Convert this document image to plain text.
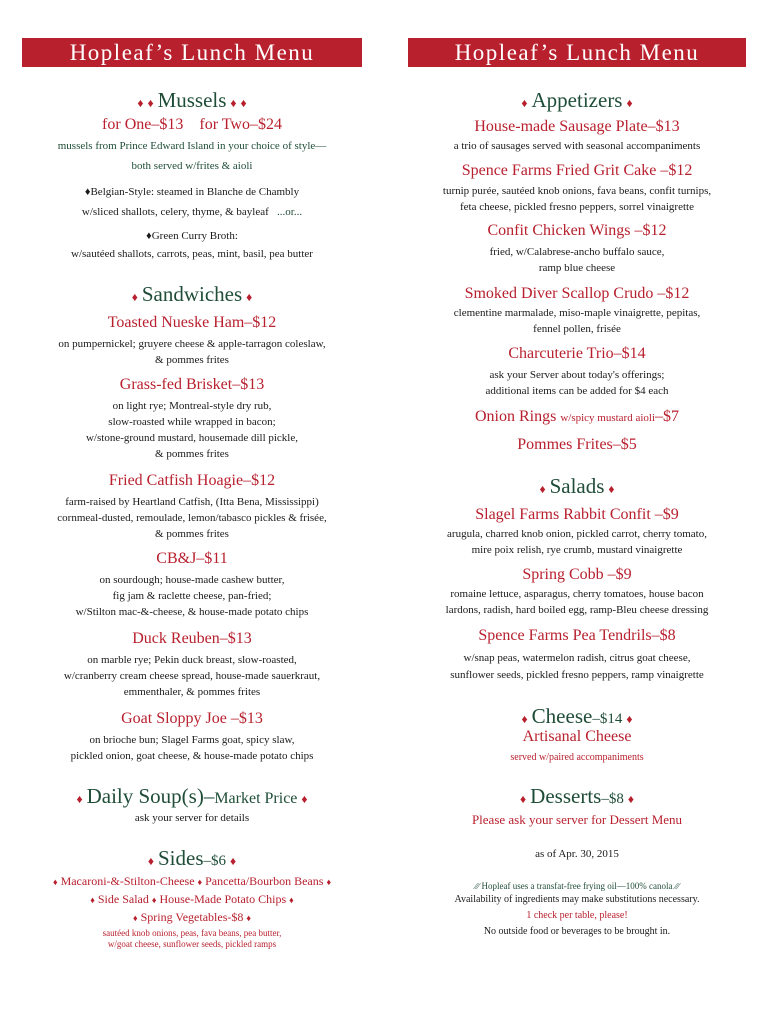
Hopleaf’s Lunch Menu
♦ ♦ Mussels ♦ ♦
for One–$13 for Two–$24
mussels from Prince Edward Island in your choice of style—
both served w/frites & aioli
♦Belgian-Style: steamed in Blanche de Chambly
w/sliced shallots, celery, thyme, & bayleaf ...or...
♦Green Curry Broth:
w/sautéed shallots, carrots, peas, mint, basil, pea butter
♦ Sandwiches ♦
Toasted Nueske Ham–$12
on pumpernickel; gruyere cheese & apple-tarragon coleslaw,
& pommes frites
Grass-fed Brisket–$13
on light rye; Montreal-style dry rub,
slow-roasted while wrapped in bacon;
w/stone-ground mustard, housemade dill pickle,
& pommes frites
Fried Catfish Hoagie–$12
farm-raised by Heartland Catfish, (Itta Bena, Mississippi)
cornmeal-dusted, remoulade, lemon/tabasco pickles & frisée,
& pommes frites
CB&J–$11
on sourdough; house-made cashew butter,
fig jam & raclette cheese, pan-fried;
w/Stilton mac-&-cheese, & house-made potato chips
Duck Reuben–$13
on marble rye; Pekin duck breast, slow-roasted,
w/cranberry cream cheese spread, house-made sauerkraut,
emmenthaler, & pommes frites
Goat Sloppy Joe –$13
on brioche bun; Slagel Farms goat, spicy slaw,
pickled onion, goat cheese, & house-made potato chips
♦ Daily Soup(s)–Market Price ♦
ask your server for details
♦ Sides–$6 ♦
♦ Macaroni-&-Stilton-Cheese ♦ Pancetta/Bourbon Beans ♦
♦ Side Salad ♦ House-Made Potato Chips ♦
♦ Spring Vegetables-$8 ♦
sautéed knob onions, peas, fava beans, pea butter,
w/goat cheese, sunflower seeds, pickled ramps
Hopleaf’s Lunch Menu
♦ Appetizers ♦
House-made Sausage Plate–$13
a trio of sausages served with seasonal accompaniments
Spence Farms Fried Grit Cake –$12
turnip purée, sautéed knob onions, fava beans, confit turnips,
feta cheese, pickled fresno peppers, sorrel vinaigrette
Confit Chicken Wings –$12
fried, w/Calabrese-ancho buffalo sauce,
ramp blue cheese
Smoked Diver Scallop Crudo –$12
clementine marmalade, miso-maple vinaigrette, pepitas,
fennel pollen, frisée
Charcuterie Trio–$14
ask your Server about today's offerings;
additional items can be added for $4 each
Onion Rings w/spicy mustard aioli–$7
Pommes Frites–$5
♦ Salads ♦
Slagel Farms Rabbit Confit –$9
arugula, charred knob onion, pickled carrot, cherry tomato,
mire poix relish, rye crumb, mustard vinaigrette
Spring Cobb –$9
romaine lettuce, asparagus, cherry tomatoes, house bacon
lardons, radish, hard boiled egg, ramp-Bleu cheese dressing
Spence Farms Pea Tendrils–$8
w/snap peas, watermelon radish, citrus goat cheese,
sunflower seeds, pickled fresno peppers, ramp vinaigrette
♦ Cheese–$14 ♦
Artisanal Cheese
served w/paired accompaniments
♦ Desserts–$8 ♦
Please ask your server for Dessert Menu
as of Apr. 30, 2015
∕∕∕ Hopleaf uses a transfat-free frying oil—100% canola ∕∕∕
Availability of ingredients may make substitutions necessary.
1 check per table, please!
No outside food or beverages to be brought in.
